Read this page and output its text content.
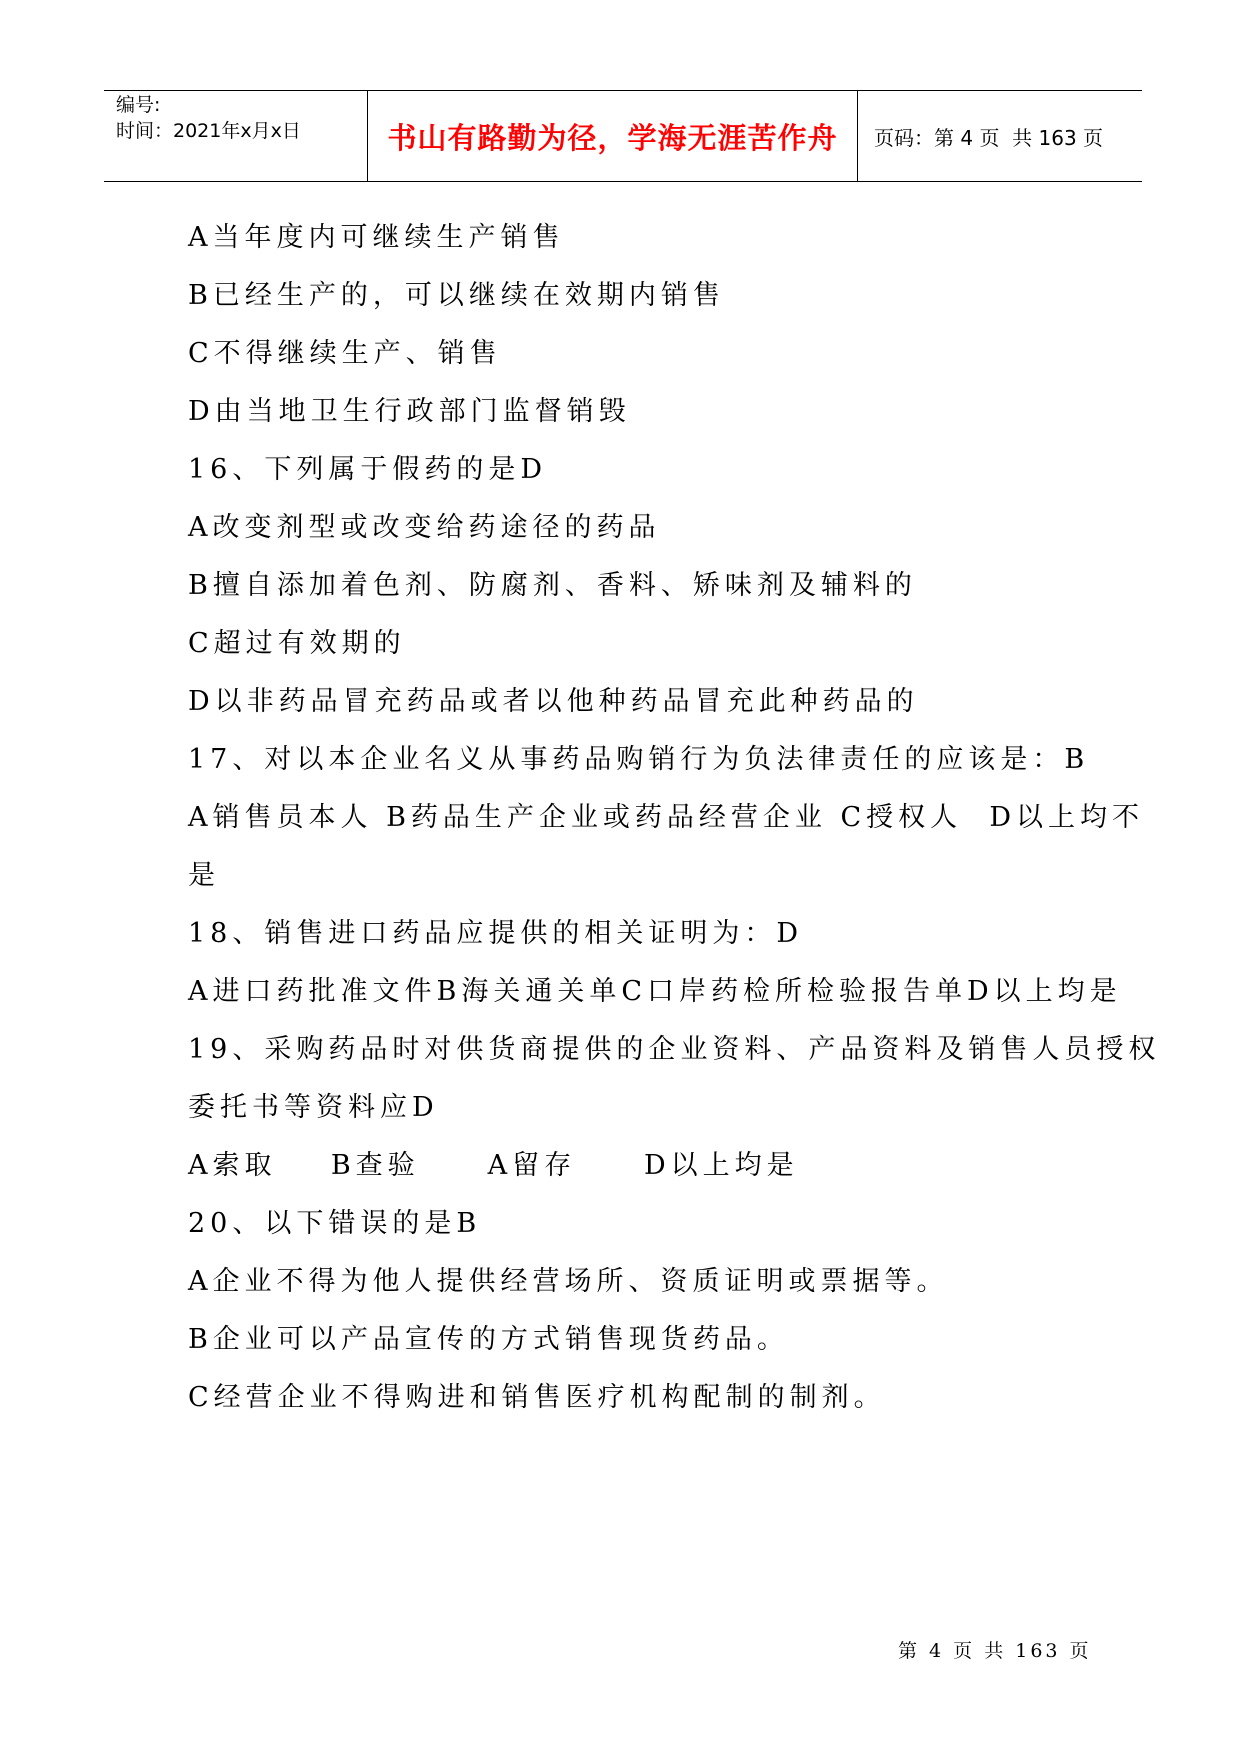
编号:
时间：2021年x月x日	书山有路勤为径，学海无涯苦作舟	页码：第 4 页  共 163 页
A当年度内可继续生产销售
B已经生产的，可以继续在效期内销售
C不得继续生产、销售
D由当地卫生行政部门监督销毁
16、下列属于假药的是D
A改变剂型或改变给药途径的药品
B擅自添加着色剂、防腐剂、香料、矫味剂及辅料的
C超过有效期的
D以非药品冒充药品或者以他种药品冒充此种药品的
17、对以本企业名义从事药品购销行为负法律责任的应该是：B
A销售员本人 B药品生产企业或药品经营企业 C授权人  D以上均不
是
18、销售进口药品应提供的相关证明为：D
A进口药批准文件B海关通关单C口岸药检所检验报告单D以上均是
19、采购药品时对供货商提供的企业资料、产品资料及销售人员授权
委托书等资料应D
A索取    B查验     A留存     D以上均是
20、以下错误的是B
A企业不得为他人提供经营场所、资质证明或票据等。
B企业可以产品宣传的方式销售现货药品。
C经营企业不得购进和销售医疗机构配制的制剂。
第 4 页 共 163 页
